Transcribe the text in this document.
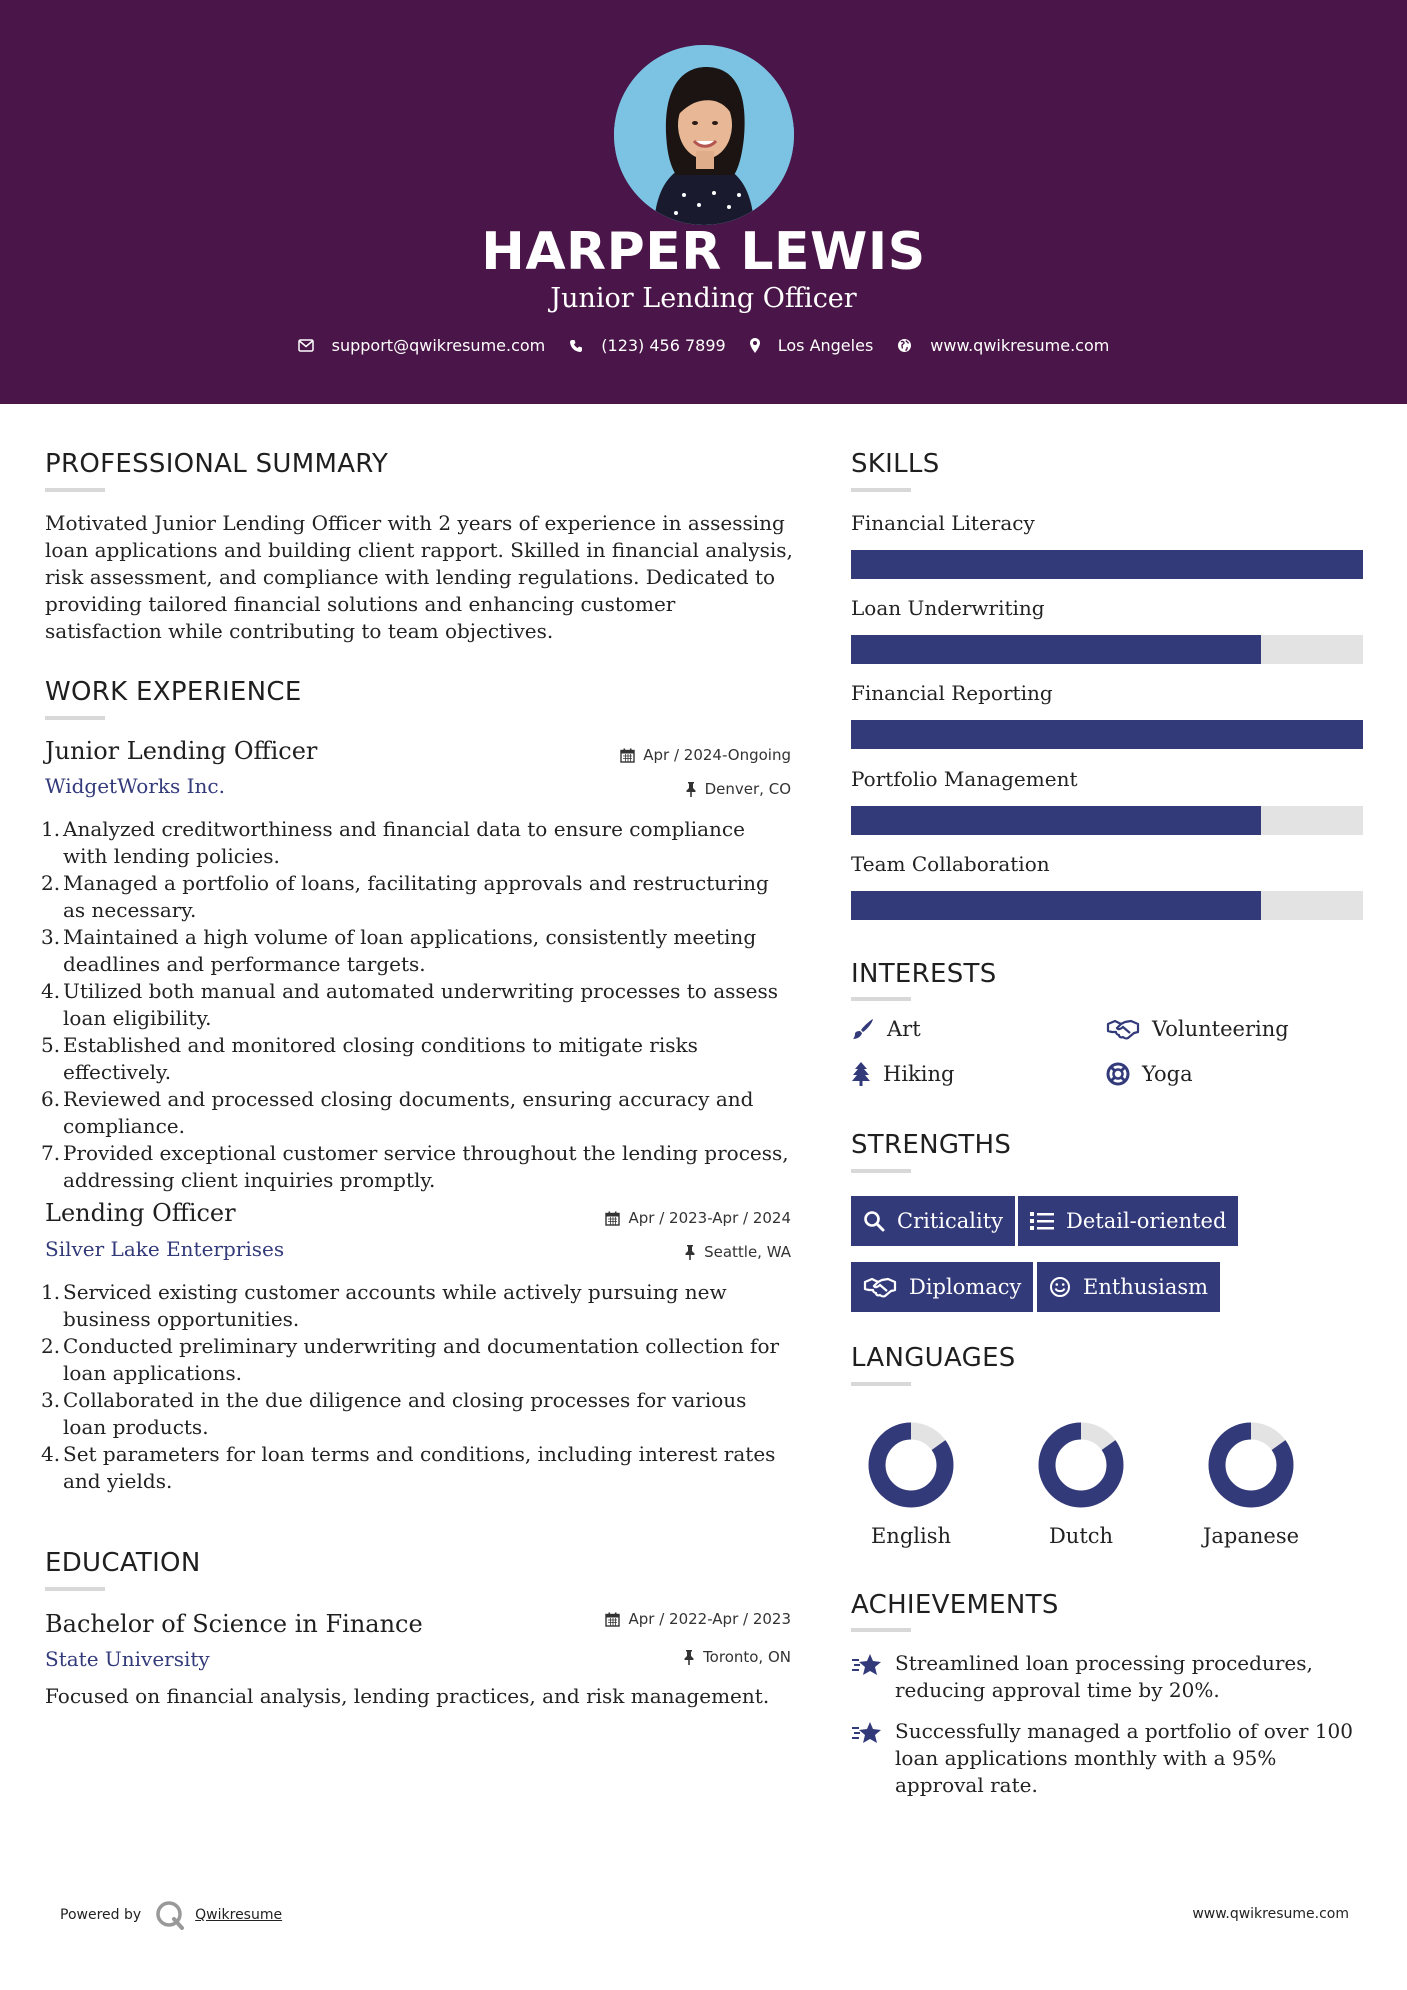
HARPER LEWIS
Junior Lending Officer
support@qwikresume.com	(123) 456 7899	Los Angeles	www.qwikresume.com
PROFESSIONAL SUMMARY
Motivated Junior Lending Officer with 2 years of experience in assessing loan applications and building client rapport. Skilled in financial analysis, risk assessment, and compliance with lending regulations. Dedicated to providing tailored financial solutions and enhancing customer satisfaction while contributing to team objectives.
WORK EXPERIENCE
Junior Lending Officer	Apr / 2024-Ongoing
WidgetWorks Inc.	Denver, CO
1. Analyzed creditworthiness and financial data to ensure compliance with lending policies.
2. Managed a portfolio of loans, facilitating approvals and restructuring as necessary.
3. Maintained a high volume of loan applications, consistently meeting deadlines and performance targets.
4. Utilized both manual and automated underwriting processes to assess loan eligibility.
5. Established and monitored closing conditions to mitigate risks effectively.
6. Reviewed and processed closing documents, ensuring accuracy and compliance.
7. Provided exceptional customer service throughout the lending process, addressing client inquiries promptly.
Lending Officer	Apr / 2023-Apr / 2024
Silver Lake Enterprises	Seattle, WA
1. Serviced existing customer accounts while actively pursuing new business opportunities.
2. Conducted preliminary underwriting and documentation collection for loan applications.
3. Collaborated in the due diligence and closing processes for various loan products.
4. Set parameters for loan terms and conditions, including interest rates and yields.
EDUCATION
Bachelor of Science in Finance	Apr / 2022-Apr / 2023
State University	Toronto, ON
Focused on financial analysis, lending practices, and risk management.
SKILLS
Financial Literacy
Loan Underwriting
Financial Reporting
Portfolio Management
Team Collaboration
INTERESTS
Art	Volunteering
Hiking	Yoga
STRENGTHS
Criticality	Detail-oriented
Diplomacy	Enthusiasm
LANGUAGES
English	Dutch	Japanese
ACHIEVEMENTS
Streamlined loan processing procedures, reducing approval time by 20%.
Successfully managed a portfolio of over 100 loan applications monthly with a 95% approval rate.
Powered by	Qwikresume	www.qwikresume.com
